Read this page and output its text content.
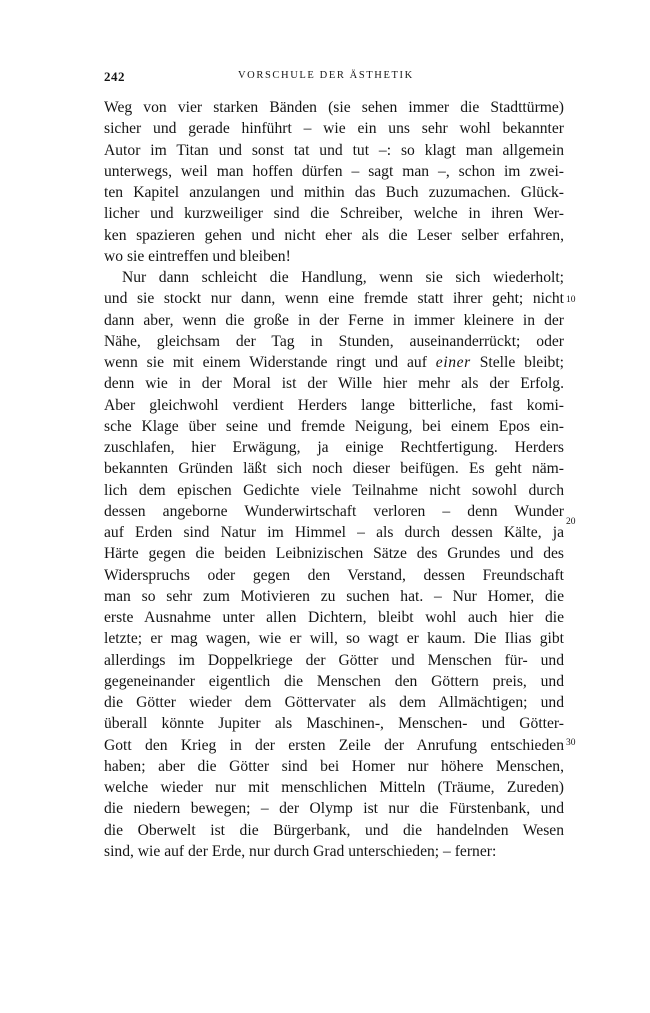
242	VORSCHULE DER ÄSTHETIK
Weg von vier starken Bänden (sie sehen immer die Stadttürme)
sicher und gerade hinführt – wie ein uns sehr wohl bekannter
Autor im Titan und sonst tat und tut –: so klagt man allgemein
unterwegs, weil man hoffen dürfen – sagt man –, schon im zwei-
ten Kapitel anzulangen und mithin das Buch zuzumachen. Glück-
licher und kurzweiliger sind die Schreiber, welche in ihren Wer-
ken spazieren gehen und nicht eher als die Leser selber erfahren,
wo sie eintreffen und bleiben!
Nur dann schleicht die Handlung, wenn sie sich wiederholt;
und sie stockt nur dann, wenn eine fremde statt ihrer geht; nicht
dann aber, wenn die große in der Ferne in immer kleinere in der
Nähe, gleichsam der Tag in Stunden, auseinanderrückt; oder
wenn sie mit einem Widerstande ringt und auf einer Stelle bleibt;
denn wie in der Moral ist der Wille hier mehr als der Erfolg.
Aber gleichwohl verdient Herders lange bitterliche, fast komi-
sche Klage über seine und fremde Neigung, bei einem Epos ein-
zuschlafen, hier Erwägung, ja einige Rechtfertigung. Herders
bekannten Gründen läßt sich noch dieser beifügen. Es geht näm-
lich dem epischen Gedichte viele Teilnahme nicht sowohl durch
dessen angeborne Wunderwirtschaft verloren – denn Wunder
auf Erden sind Natur im Himmel – als durch dessen Kälte, ja
Härte gegen die beiden Leibnizischen Sätze des Grundes und des
Widerspruchs oder gegen den Verstand, dessen Freundschaft
man so sehr zum Motivieren zu suchen hat. – Nur Homer, die
erste Ausnahme unter allen Dichtern, bleibt wohl auch hier die
letzte; er mag wagen, wie er will, so wagt er kaum. Die Ilias gibt
allerdings im Doppelkriege der Götter und Menschen für- und
gegeneinander eigentlich die Menschen den Göttern preis, und
die Götter wieder dem Göttervater als dem Allmächtigen; und
überall könnte Jupiter als Maschinen-, Menschen- und Götter-
Gott den Krieg in der ersten Zeile der Anrufung entschieden
haben; aber die Götter sind bei Homer nur höhere Menschen,
welche wieder nur mit menschlichen Mitteln (Träume, Zureden)
die niedern bewegen; – der Olymp ist nur die Fürstenbank, und
die Oberwelt ist die Bürgerbank, und die handelnden Wesen
sind, wie auf der Erde, nur durch Grad unterschieden; – ferner:
10
20
30
